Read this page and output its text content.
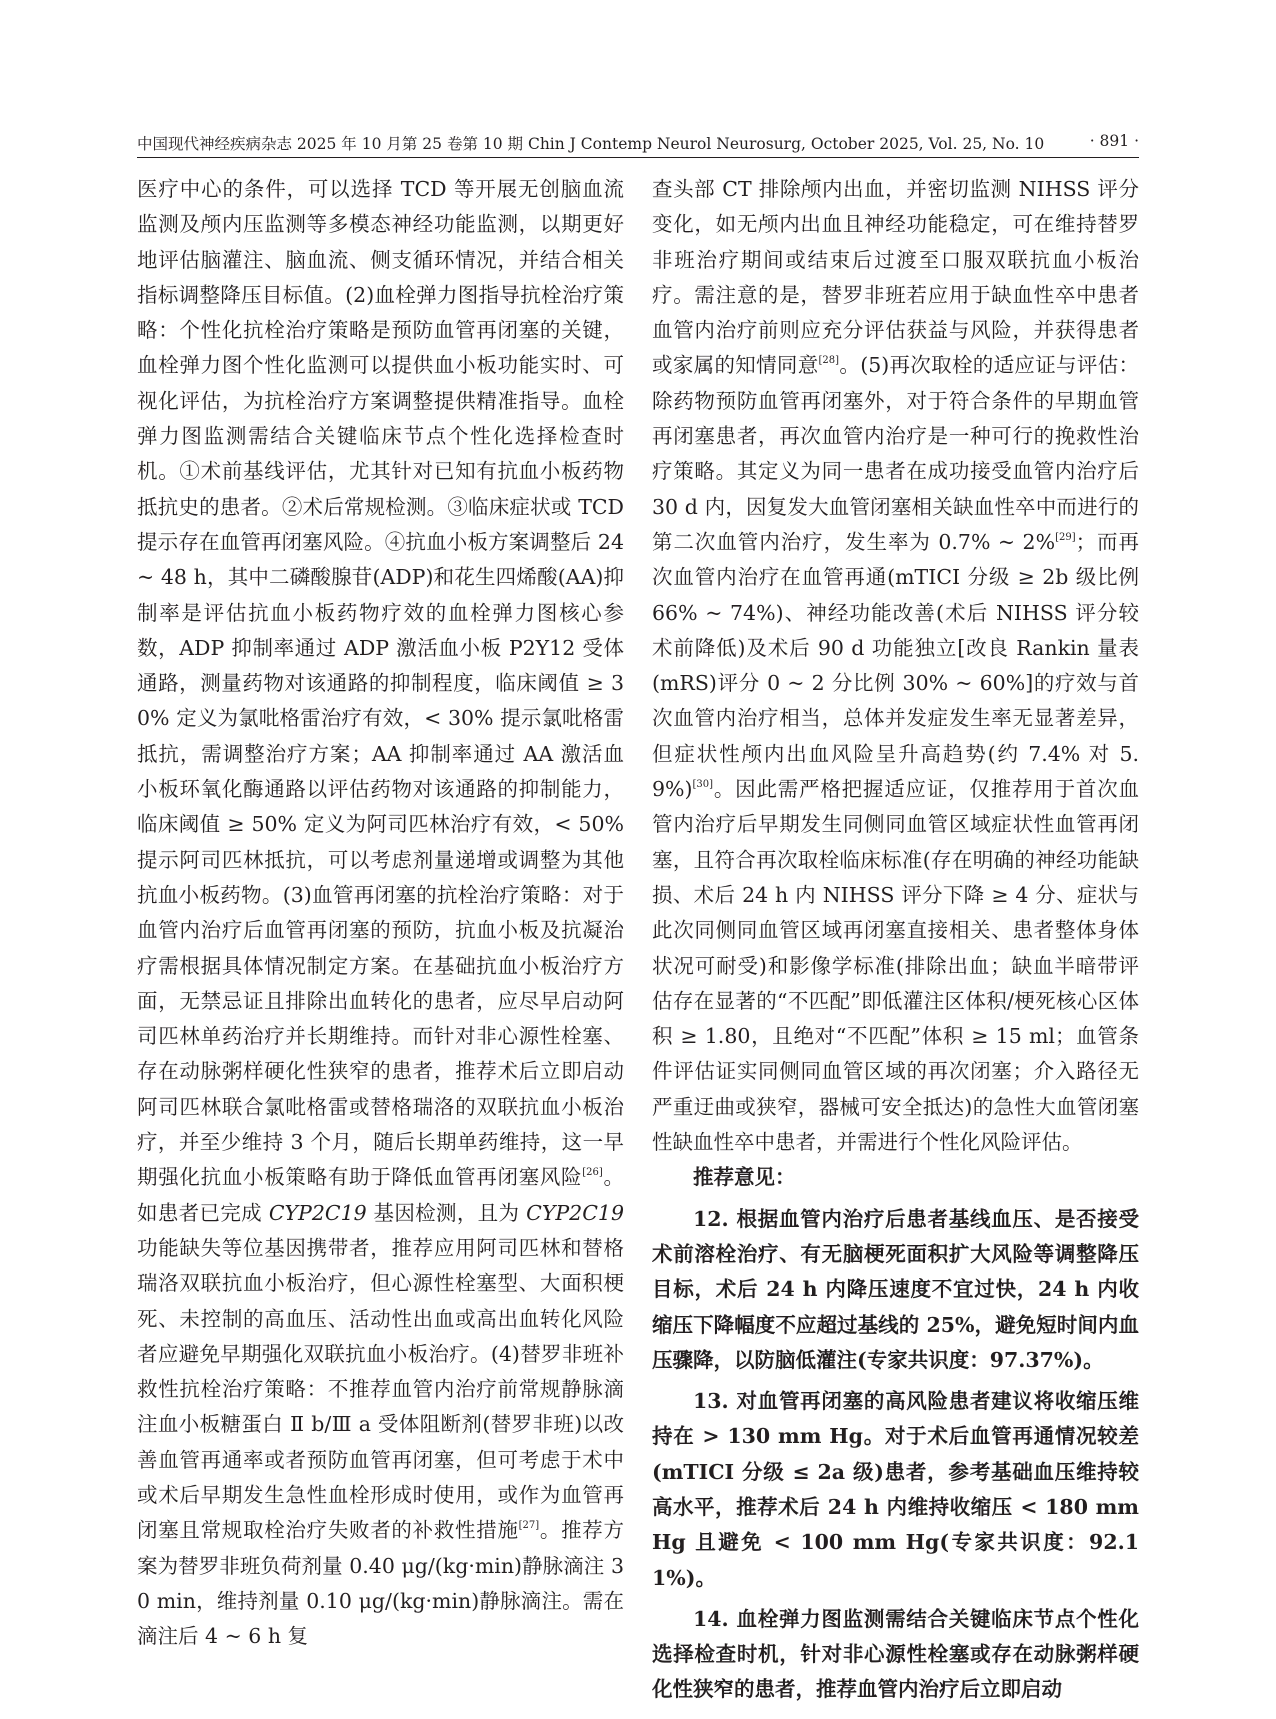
中国现代神经疾病杂志 2025 年 10 月第 25 卷第 10 期 Chin J Contemp Neurol Neurosurg, October 2025, Vol. 25, No. 10	· 891 ·

医疗中心的条件，可以选择 TCD 等开展无创脑血流监测及颅内压监测等多模态神经功能监测，以期更好地评估脑灌注、脑血流、侧支循环情况，并结合相关指标调整降压目标值。(2)血栓弹力图指导抗栓治疗策略：个性化抗栓治疗策略是预防血管再闭塞的关键，血栓弹力图个性化监测可以提供血小板功能实时、可视化评估，为抗栓治疗方案调整提供精准指导。血栓弹力图监测需结合关键临床节点个性化选择检查时机。①术前基线评估，尤其针对已知有抗血小板药物抵抗史的患者。②术后常规检测。③临床症状或 TCD 提示存在血管再闭塞风险。④抗血小板方案调整后 24 ~ 48 h，其中二磷酸腺苷(ADP)和花生四烯酸(AA)抑制率是评估抗血小板药物疗效的血栓弹力图核心参数，ADP 抑制率通过 ADP 激活血小板 P2Y12 受体通路，测量药物对该通路的抑制程度，临床阈值 ≥ 30% 定义为氯吡格雷治疗有效，< 30% 提示氯吡格雷抵抗，需调整治疗方案；AA 抑制率通过 AA 激活血小板环氧化酶通路以评估药物对该通路的抑制能力，临床阈值 ≥ 50% 定义为阿司匹林治疗有效，< 50% 提示阿司匹林抵抗，可以考虑剂量递增或调整为其他抗血小板药物。(3)血管再闭塞的抗栓治疗策略：对于血管内治疗后血管再闭塞的预防，抗血小板及抗凝治疗需根据具体情况制定方案。在基础抗血小板治疗方面，无禁忌证且排除出血转化的患者，应尽早启动阿司匹林单药治疗并长期维持。而针对非心源性栓塞、存在动脉粥样硬化性狭窄的患者，推荐术后立即启动阿司匹林联合氯吡格雷或替格瑞洛的双联抗血小板治疗，并至少维持 3 个月，随后长期单药维持，这一早期强化抗血小板策略有助于降低血管再闭塞风险[26]。如患者已完成 CYP2C19 基因检测，且为 CYP2C19 功能缺失等位基因携带者，推荐应用阿司匹林和替格瑞洛双联抗血小板治疗，但心源性栓塞型、大面积梗死、未控制的高血压、活动性出血或高出血转化风险者应避免早期强化双联抗血小板治疗。(4)替罗非班补救性抗栓治疗策略：不推荐血管内治疗前常规静脉滴注血小板糖蛋白 Ⅱ b/Ⅲ a 受体阻断剂(替罗非班)以改善血管再通率或者预防血管再闭塞，但可考虑于术中或术后早期发生急性血栓形成时使用，或作为血管再闭塞且常规取栓治疗失败者的补救性措施[27]。推荐方案为替罗非班负荷剂量 0.40 μg/(kg·min)静脉滴注 30 min，维持剂量 0.10 μg/(kg·min)静脉滴注。需在滴注后 4 ~ 6 h 复

查头部 CT 排除颅内出血，并密切监测 NIHSS 评分变化，如无颅内出血且神经功能稳定，可在维持替罗非班治疗期间或结束后过渡至口服双联抗血小板治疗。需注意的是，替罗非班若应用于缺血性卒中患者血管内治疗前则应充分评估获益与风险，并获得患者或家属的知情同意[28]。(5)再次取栓的适应证与评估：除药物预防血管再闭塞外，对于符合条件的早期血管再闭塞患者，再次血管内治疗是一种可行的挽救性治疗策略。其定义为同一患者在成功接受血管内治疗后 30 d 内，因复发大血管闭塞相关缺血性卒中而进行的第二次血管内治疗，发生率为 0.7% ~ 2%[29]；而再次血管内治疗在血管再通(mTICI 分级 ≥ 2b 级比例 66% ~ 74%)、神经功能改善(术后 NIHSS 评分较术前降低)及术后 90 d 功能独立[改良 Rankin 量表(mRS)评分 0 ~ 2 分比例 30% ~ 60%]的疗效与首次血管内治疗相当，总体并发症发生率无显著差异，但症状性颅内出血风险呈升高趋势(约 7.4% 对 5.9%)[30]。因此需严格把握适应证，仅推荐用于首次血管内治疗后早期发生同侧同血管区域症状性血管再闭塞，且符合再次取栓临床标准(存在明确的神经功能缺损、术后 24 h 内 NIHSS 评分下降 ≥ 4 分、症状与此次同侧同血管区域再闭塞直接相关、患者整体身体状况可耐受)和影像学标准(排除出血；缺血半暗带评估存在显著的“不匹配”即低灌注区体积/梗死核心区体积 ≥ 1.80，且绝对“不匹配”体积 ≥ 15 ml；血管条件评估证实同侧同血管区域的再次闭塞；介入路径无严重迂曲或狭窄，器械可安全抵达)的急性大血管闭塞性缺血性卒中患者，并需进行个性化风险评估。

推荐意见：

12. 根据血管内治疗后患者基线血压、是否接受术前溶栓治疗、有无脑梗死面积扩大风险等调整降压目标，术后 24 h 内降压速度不宜过快，24 h 内收缩压下降幅度不应超过基线的 25%，避免短时间内血压骤降，以防脑低灌注(专家共识度：97.37%)。

13. 对血管再闭塞的高风险患者建议将收缩压维持在 > 130 mm Hg。对于术后血管再通情况较差(mTICI 分级 ≤ 2a 级)患者，参考基础血压维持较高水平，推荐术后 24 h 内维持收缩压 < 180 mm Hg 且避免 < 100 mm Hg(专家共识度：92.11%)。

14. 血栓弹力图监测需结合关键临床节点个性化选择检查时机，针对非心源性栓塞或存在动脉粥样硬化性狭窄的患者，推荐血管内治疗后立即启动
